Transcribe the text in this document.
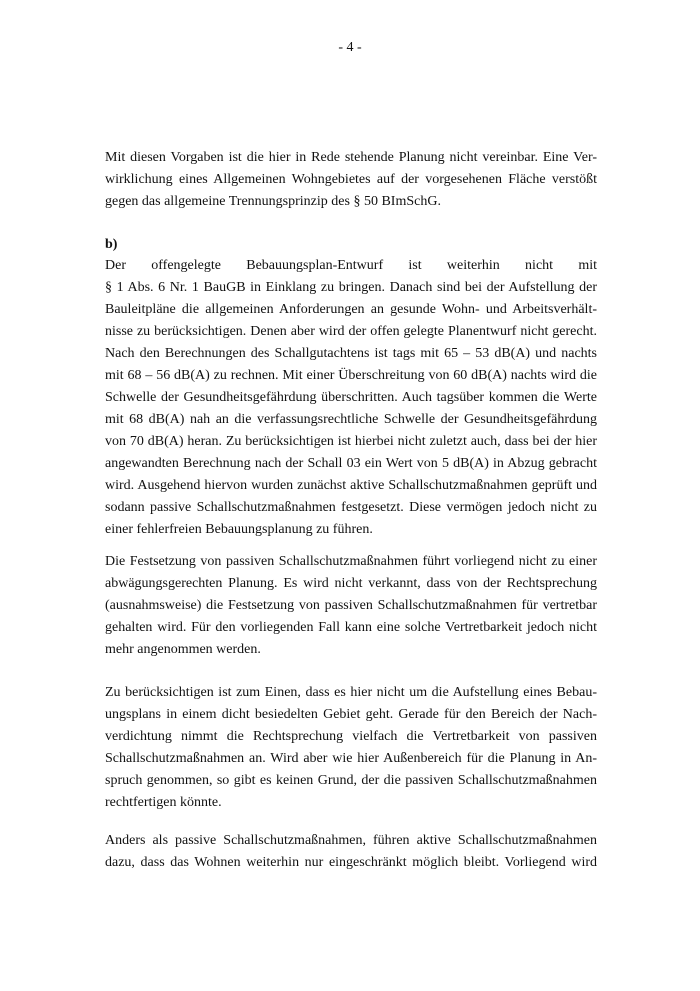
- 4 -
Mit diesen Vorgaben ist die hier in Rede stehende Planung nicht vereinbar. Eine Ver-
wirklichung eines Allgemeinen Wohngebietes auf der vorgesehenen Fläche verstößt
gegen das allgemeine Trennungsprinzip des § 50 BImSchG.
b)
Der offengelegte Bebauungsplan-Entwurf ist weiterhin nicht mit
§ 1 Abs. 6 Nr. 1 BauGB in Einklang zu bringen. Danach sind bei der Aufstellung der
Bauleitpläne die allgemeinen Anforderungen an gesunde Wohn- und Arbeitsverhält-
nisse zu berücksichtigen. Denen aber wird der offen gelegte Planentwurf nicht gerecht.
Nach den Berechnungen des Schallgutachtens ist tags mit 65 – 53 dB(A) und nachts
mit 68 – 56 dB(A) zu rechnen. Mit einer Überschreitung von 60 dB(A) nachts wird die
Schwelle der Gesundheitsgefährdung überschritten. Auch tagsüber kommen die Werte
mit 68 dB(A) nah an die verfassungsrechtliche Schwelle der Gesundheitsgefährdung
von 70 dB(A) heran. Zu berücksichtigen ist hierbei nicht zuletzt auch, dass bei der hier
angewandten Berechnung nach der Schall 03 ein Wert von 5 dB(A) in Abzug gebracht
wird. Ausgehend hiervon wurden zunächst aktive Schallschutzmaßnahmen geprüft und
sodann passive Schallschutzmaßnahmen festgesetzt. Diese vermögen jedoch nicht zu
einer fehlerfreien Bebauungsplanung zu führen.
Die Festsetzung von passiven Schallschutzmaßnahmen führt vorliegend nicht zu einer
abwägungsgerechten Planung. Es wird nicht verkannt, dass von der Rechtsprechung
(ausnahmsweise) die Festsetzung von passiven Schallschutzmaßnahmen für vertretbar
gehalten wird. Für den vorliegenden Fall kann eine solche Vertretbarkeit jedoch nicht
mehr angenommen werden.
Zu berücksichtigen ist zum Einen, dass es hier nicht um die Aufstellung eines Bebau-
ungsplans in einem dicht besiedelten Gebiet geht. Gerade für den Bereich der Nach-
verdichtung nimmt die Rechtsprechung vielfach die Vertretbarkeit von passiven
Schallschutzmaßnahmen an. Wird aber wie hier Außenbereich für die Planung in An-
spruch genommen, so gibt es keinen Grund, der die passiven Schallschutzmaßnahmen
rechtfertigen könnte.
Anders als passive Schallschutzmaßnahmen, führen aktive Schallschutzmaßnahmen
dazu, dass das Wohnen weiterhin nur eingeschränkt möglich bleibt. Vorliegend wird
